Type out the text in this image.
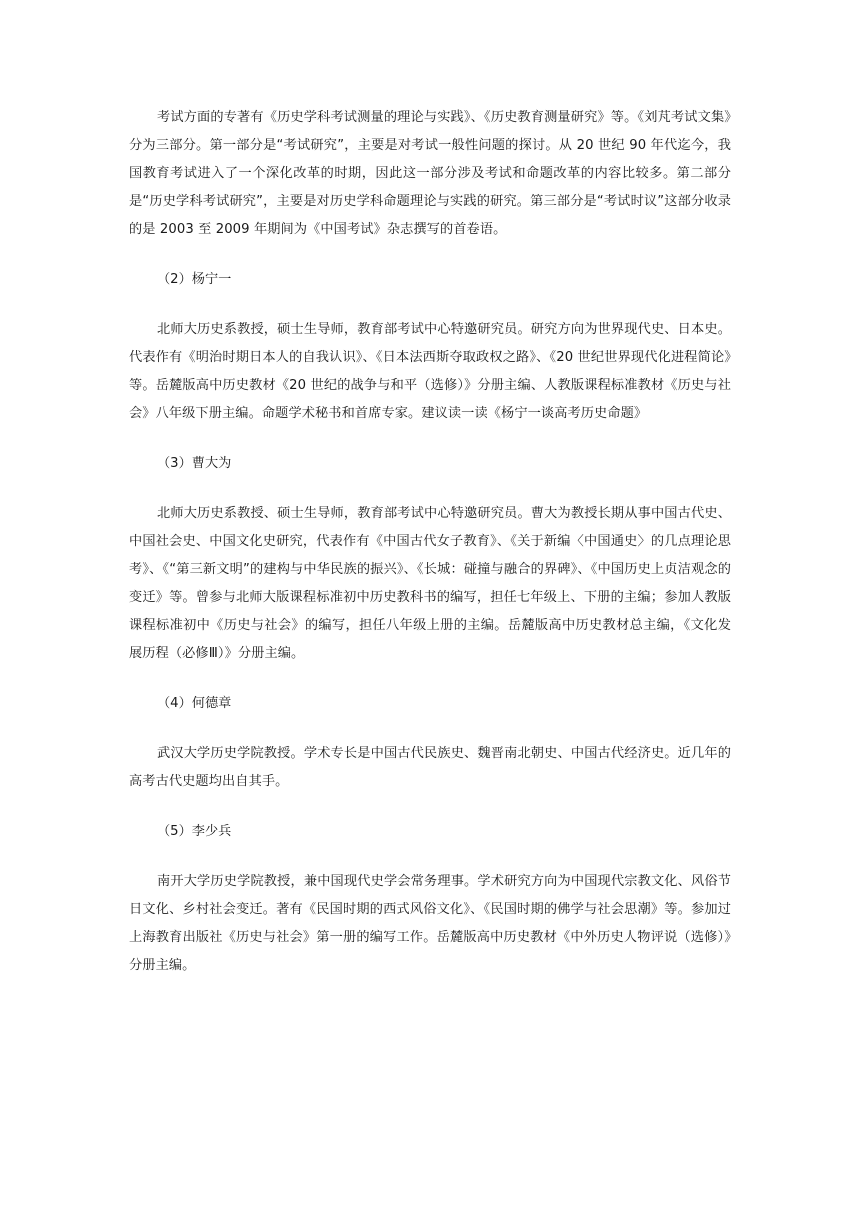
考试方面的专著有《历史学科考试测量的理论与实践》、《历史教育测量研究》等。《刘芃考试文集》分为三部分。第一部分是“考试研究”，主要是对考试一般性问题的探讨。从 20 世纪 90 年代迄今，我国教育考试进入了一个深化改革的时期，因此这一部分涉及考试和命题改革的内容比较多。第二部分是“历史学科考试研究”，主要是对历史学科命题理论与实践的研究。第三部分是“考试时议”这部分收录的是 2003 至 2009 年期间为《中国考试》杂志撰写的首卷语。

（2）杨宁一

北师大历史系教授，硕士生导师，教育部考试中心特邀研究员。研究方向为世界现代史、日本史。代表作有《明治时期日本人的自我认识》、《日本法西斯夺取政权之路》、《20 世纪世界现代化进程简论》等。岳麓版高中历史教材《20 世纪的战争与和平（选修）》分册主编、人教版课程标准教材《历史与社会》八年级下册主编。命题学术秘书和首席专家。建议读一读《杨宁一谈高考历史命题》

（3）曹大为

北师大历史系教授、硕士生导师，教育部考试中心特邀研究员。曹大为教授长期从事中国古代史、中国社会史、中国文化史研究，代表作有《中国古代女子教育》、《关于新编〈中国通史〉的几点理论思考》、《“第三新文明”的建构与中华民族的振兴》、《长城：碰撞与融合的界碑》、《中国历史上贞洁观念的变迁》等。曾参与北师大版课程标准初中历史教科书的编写，担任七年级上、下册的主编；参加人教版课程标准初中《历史与社会》的编写，担任八年级上册的主编。岳麓版高中历史教材总主编，《文化发展历程（必修Ⅲ）》分册主编。

（4）何德章

武汉大学历史学院教授。学术专长是中国古代民族史、魏晋南北朝史、中国古代经济史。近几年的高考古代史题均出自其手。

（5）李少兵

南开大学历史学院教授，兼中国现代史学会常务理事。学术研究方向为中国现代宗教文化、风俗节日文化、乡村社会变迁。著有《民国时期的西式风俗文化》、《民国时期的佛学与社会思潮》等。参加过上海教育出版社《历史与社会》第一册的编写工作。岳麓版高中历史教材《中外历史人物评说（选修）》分册主编。
